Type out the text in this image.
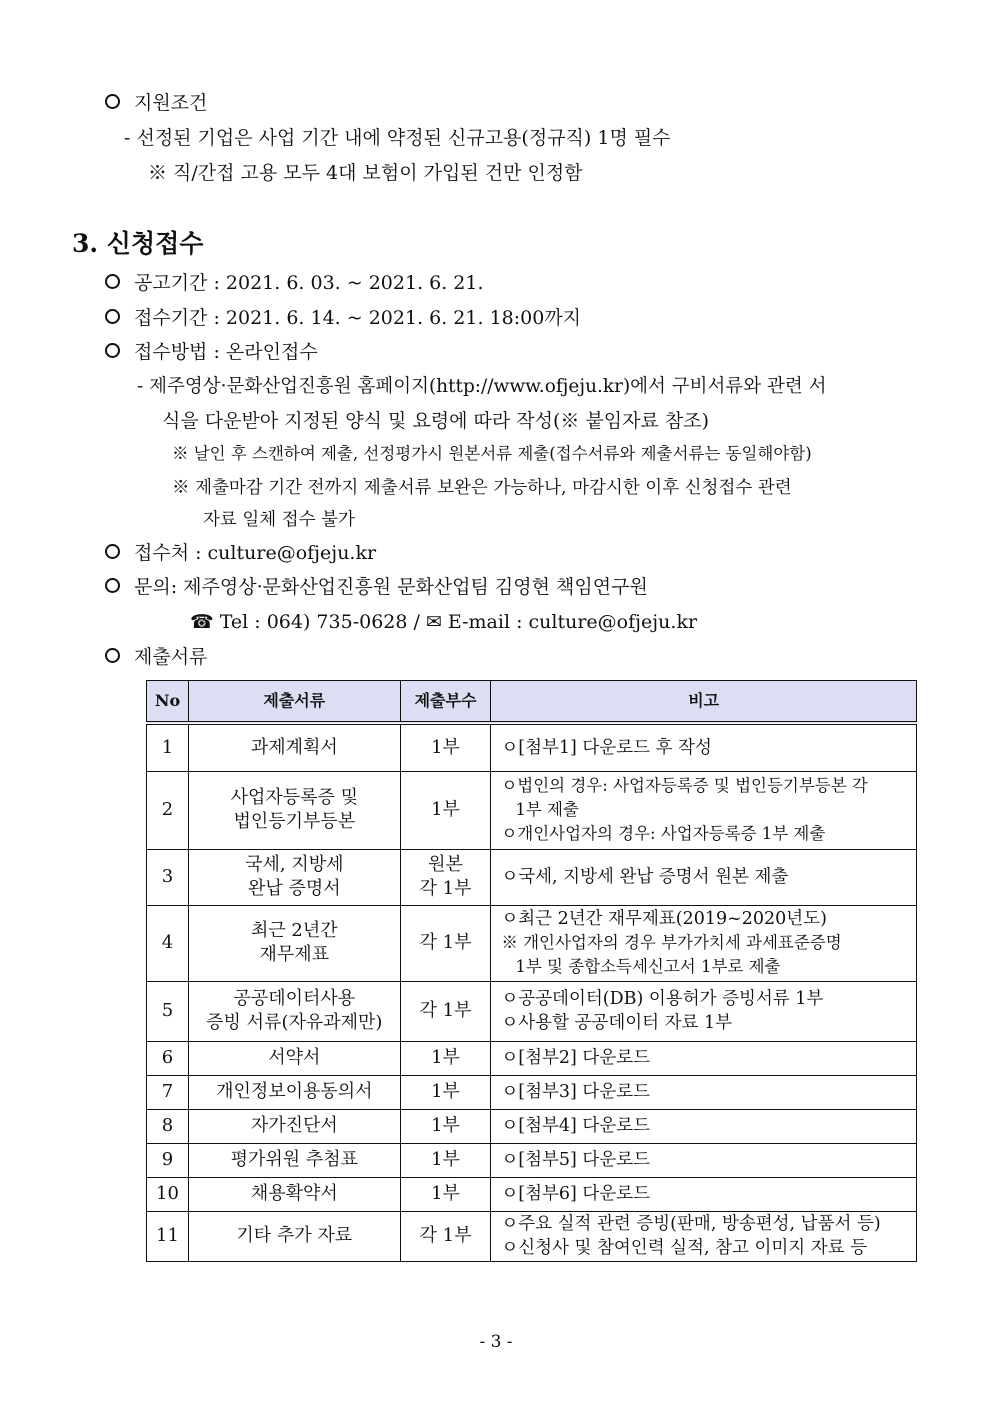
지원조건
- 선정된 기업은 사업 기간 내에 약정된 신규고용(정규직) 1명 필수
※ 직/간접 고용 모두 4대 보험이 가입된 건만 인정함
3. 신청접수
공고기간 : 2021. 6. 03. ~ 2021. 6. 21.
접수기간 : 2021. 6. 14. ~ 2021. 6. 21. 18:00까지
접수방법 : 온라인접수
- 제주영상·문화산업진흥원 홈페이지(http://www.ofjeju.kr)에서 구비서류와 관련 서
식을 다운받아 지정된 양식 및 요령에 따라 작성(※ 붙임자료 참조)
※ 날인 후 스캔하여 제출, 선정평가시 원본서류 제출(접수서류와 제출서류는 동일해야함)
※ 제출마감 기간 전까지 제출서류 보완은 가능하나, 마감시한 이후 신청접수 관련
자료 일체 접수 불가
접수처 : culture@ofjeju.kr
문의: 제주영상·문화산업진흥원 문화산업팀 김영현 책임연구원
☎ Tel : 064) 735-0628 / ✉ E-mail : culture@ofjeju.kr
제출서류
No	제출서류	제출부수	비고
1	과제계획서	1부	ㅇ[첨부1] 다운로드 후 작성

2	사업자등록증 및
법인등기부등본	1부	ㅇ법인의 경우: 사업자등록증 및 법인등기부등본 각
1부 제출
ㅇ개인사업자의 경우: 사업자등록증 1부 제출

3	국세, 지방세
완납 증명서	원본
각 1부	ㅇ국세, 지방세 완납 증명서 원본 제출

4	최근 2년간
재무제표	각 1부	ㅇ최근 2년간 재무제표(2019~2020년도)
※ 개인사업자의 경우 부가가치세 과세표준증명
1부 및 종합소득세신고서 1부로 제출

5	공공데이터사용
증빙 서류(자유과제만)	각 1부	ㅇ공공데이터(DB) 이용허가 증빙서류 1부
ㅇ사용할 공공데이터 자료 1부

6	서약서	1부	ㅇ[첨부2] 다운로드

7	개인정보이용동의서	1부	ㅇ[첨부3] 다운로드

8	자가진단서	1부	ㅇ[첨부4] 다운로드

9	평가위원 추첨표	1부	ㅇ[첨부5] 다운로드

10	채용확약서	1부	ㅇ[첨부6] 다운로드

11	기타 추가 자료	각 1부	ㅇ주요 실적 관련 증빙(판매, 방송편성, 납품서 등)
ㅇ신청사 및 참여인력 실적, 참고 이미지 자료 등
- 3 -
